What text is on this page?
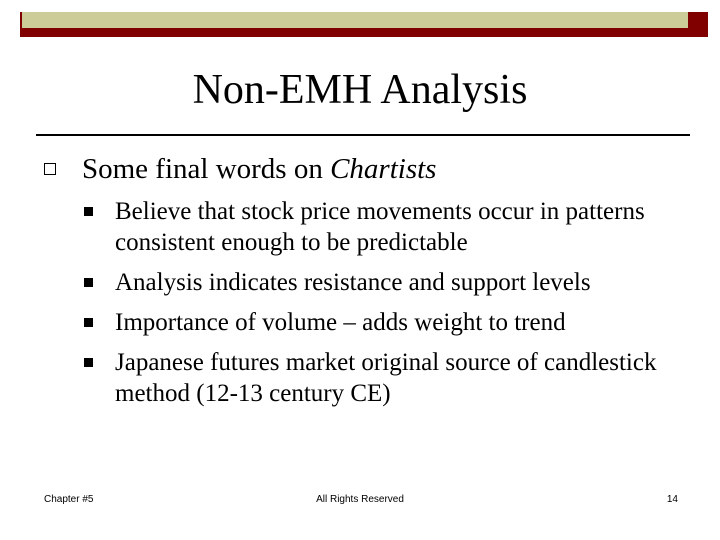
Non-EMH Analysis
Some final words on Chartists
Believe that stock price movements occur in patterns consistent enough to be predictable
Analysis indicates resistance and support levels
Importance of volume – adds weight to trend
Japanese futures market original source of candlestick method (12-13 century CE)
Chapter #5	All Rights Reserved	14
